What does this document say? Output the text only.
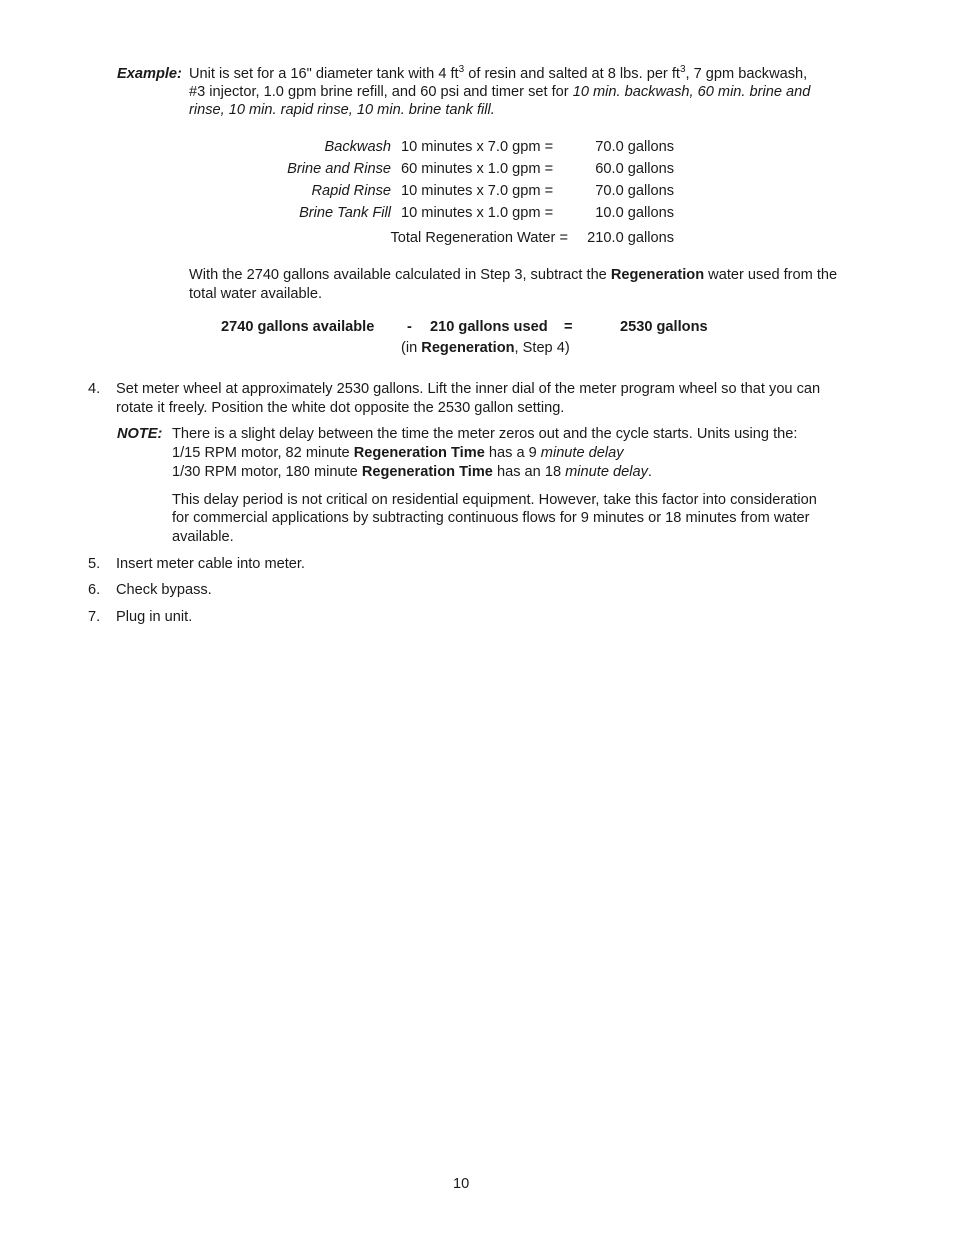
Example: Unit is set for a 16" diameter tank with 4 $ft^3$ of resin and salted at 8 lbs. per $ft^3$, 7 gpm backwash,
#3 injector, 1.0 gpm brine refill, and 60 psi and timer set for 10 min. backwash, 60 min. brine and
rinse, 10 min. rapid rinse, 10 min. brine tank fill.
Backwash 10 minutes x 7.0 gpm =	70.0 gallons
Brine and Rinse 60 minutes x 1.0 gpm =	60.0 gallons
Rapid Rinse 10 minutes x 7.0 gpm =	70.0 gallons
Brine Tank Fill 10 minutes x 1.0 gpm =	10.0 gallons
Total Regeneration Water = 210.0 gallons
With the 2740 gallons available calculated in Step 3, subtract the Regeneration water used from the
total water available.
2740 gallons available - 210 gallons used =	2530 gallons
(in Regeneration, Step 4)
4. Set meter wheel at approximately 2530 gallons. Lift the inner dial of the meter program wheel so that you can
rotate it freely. Position the white dot opposite the 2530 gallon setting.
NOTE: There is a slight delay between the time the meter zeros out and the cycle starts. Units using the:
1/15 RPM motor, 82 minute Regeneration Time has a 9 minute delay
1/30 RPM motor, 180 minute Regeneration Time has an 18 minute delay.
This delay period is not critical on residential equipment. However, take this factor into consideration
for commercial applications by subtracting continuous flows for 9 minutes or 18 minutes from water
available.
5. Insert meter cable into meter.
6. Check bypass.
7. Plug in unit.
10
